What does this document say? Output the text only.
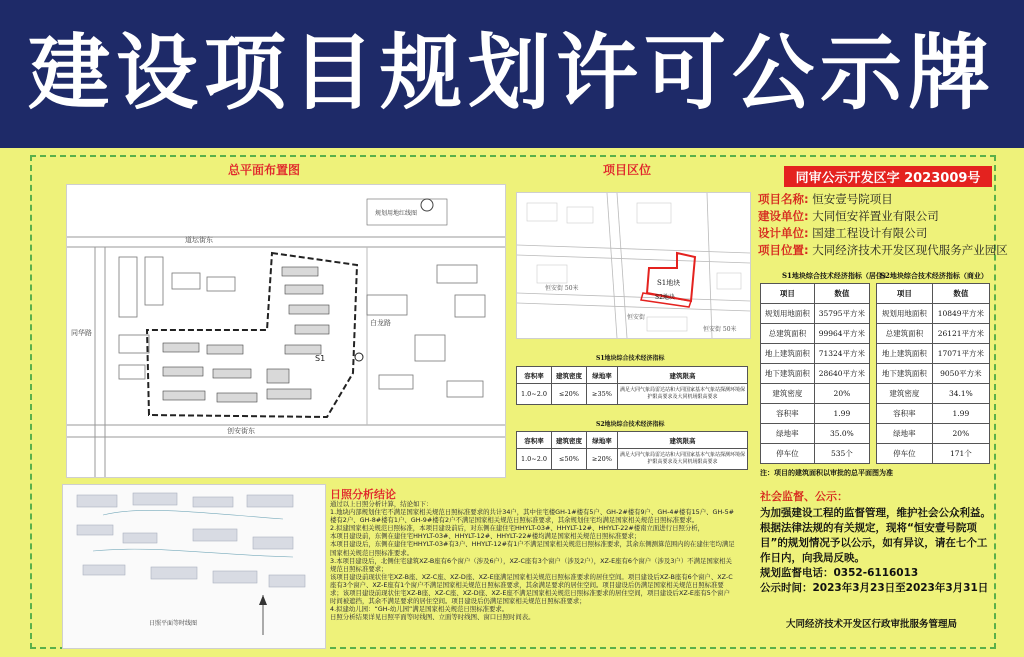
建设项目规划许可公示牌
总平面布置图	项目区位
规划用地红线图
道坛街东
创安街东
同华路
白龙路
S1
S1地块
S2地块
恒安街 50米
恒安街
恒安街 50米
S1地块综合技术经济指标
容积率	建筑密度	绿地率	建筑限高
1.0~2.0	≤20%	≥35%	满足大同气象局雷达站和大同国家基本气象站探测环境保护限高要求及大同机场限高要求
S2地块综合技术经济指标
容积率	建筑密度	绿地率	建筑限高
1.0~2.0	≤50%	≥20%	满足大同气象局雷达站和大同国家基本气象站探测环境保护限高要求及大同机场限高要求
同审公示开发区字 2023009号
项目名称: 恒安壹号院项目
建设单位: 大同恒安祥置业有限公司
设计单位: 国建工程设计有限公司
项目位置: 大同经济技术开发区现代服务产业园区
S1地块综合技术经济指标（居住）
项目	数值
规划用地面积	35795平方米
总建筑面积	99964平方米
地上建筑面积	71324平方米
地下建筑面积	28640平方米
建筑密度	20%
容积率	1.99
绿地率	35.0%
停车位	535个
S2地块综合技术经济指标（商业）
项目	数值
规划用地面积	10849平方米
总建筑面积	26121平方米
地上建筑面积	17071平方米
地下建筑面积	9050平方米
建筑密度	34.1%
容积率	1.99
绿地率	20%
停车位	171个
注：项目的建筑面积以审批的总平面图为准
日照平面等时线图
日照分析结论
通过以上日照分析计算，结论如下：
1.地块内部规划住宅不满足国家相关规范日照标准要求的共计34户，其中住宅楼GH-1#楼有5户、GH-2#楼有9户、GH-4#楼有15户、GH-5#楼有2户、GH-8#楼有1户、GH-9#楼有2户不满足国家相关规范日照标准要求，其余规划住宅均满足国家相关规范日照标准要求。
2.拟建国家相关规范日照标准，本项目建设前后，对东侧在建住宅HHYLT-03#、HHYLT-12#、HHYLT-22#楼南立面进行日照分析，
本项目建设前，东侧在建住宅HHYLT-03#、HHYLT-12#、HHYLT-22#楼均满足国家相关规范日照标准要求；
本项目建设后，东侧在建住宅HHYLT-03#有3户、HHYLT-12#有1户不满足国家相关规范日照标准要求，其余东侧测算范围内的在建住宅均满足国家相关规范日照标准要求。
3.本项目建设后，北侧住宅建筑XZ-B座有6个窗户（涉及6户），XZ-C座有3个窗户（涉及2户），XZ-E座有6个窗户（涉及3户）不满足国家相关规范日照标准要求；
该项目建设前现状住宅XZ-B座、XZ-C座、XZ-D座、XZ-E座满足国家相关规范日照标准要求的居住空间。项目建设后XZ-B座有6个窗户、XZ-C座有3个窗户、XZ-E座有1个窗户不满足国家相关规范日照标准要求，其余满足要求的居住空间。项目建设后仍满足国家相关规范日照标准要求；该项目建设前现状住宅XZ-B座、XZ-C座、XZ-D座、XZ-E座不满足国家相关规范日照标准要求的居住空间，项目建设后XZ-E座有5个窗户时间被遮挡，其余不满足要求的居住空间。项目建设后仍满足国家相关规范日照标准要求；
4.拟建幼儿园：“GH-幼儿园”满足国家相关规范日照标准要求。
日照分析结果详见日照平面等时线图、立面等时线图、窗口日照时间表。
社会监督、公示：

为加强建设工程的监督管理，维护社会公众利益。根据法律法规的有关规定，现将“恒安壹号院项目”的规划情况予以公示，如有异议，请在七个工作日内，向我局反映。

规划监督电话：0352-6116013

公示时间：2023年3月23日至2023年3月31日

大同经济技术开发区行政审批服务管理局
